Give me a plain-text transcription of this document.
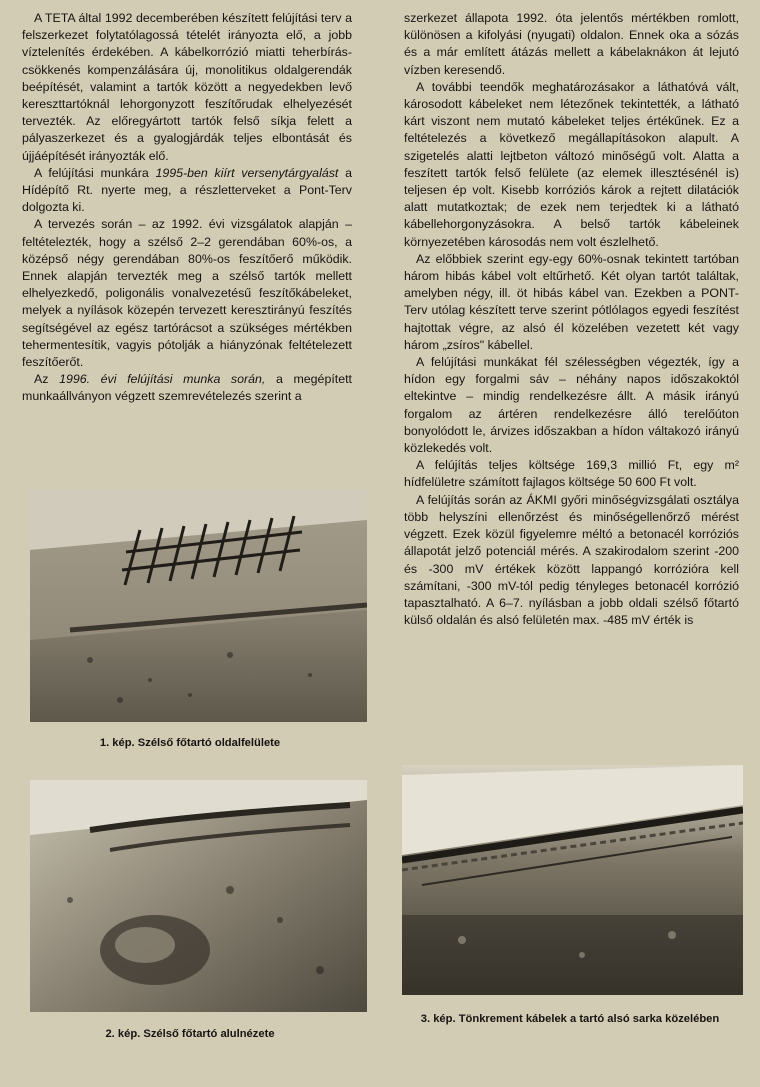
A TETA által 1992 decemberében készített felújítási terv a felszerkezet folytatólagossá tételét irányozta elő, a jobb víztelenítés érdekében. A kábelkorrózió miatti teherbírás-csökkenés kompenzálására új, monolitikus oldalgerendák beépítését, valamint a tartók között a negyedekben levő kereszttartóknál lehorgonyzott feszítőrudak elhelyezését tervezték. Az előregyártott tartók felső síkja felett a pályaszerkezet és a gyalogjárdák teljes elbontását és újjáépítését irányozták elő.

A felújítási munkára 1995-ben kiírt versenytárgyalást a Hídépítő Rt. nyerte meg, a részletterveket a Pont-Terv dolgozta ki.

A tervezés során – az 1992. évi vizsgálatok alapján – feltételezték, hogy a szélső 2–2 gerendában 60%-os, a középső négy gerendában 80%-os feszítőerő működik. Ennek alapján tervezték meg a szélső tartók mellett elhelyezkedő, poligonális vonalvezetésű feszítőkábeleket, melyek a nyílások közepén tervezett keresztirányú feszítés segítségével az egész tartórácsot a szükséges mértékben tehermentesítik, vagyis pótolják a hiányzónak feltételezett feszítőerőt.

Az 1996. évi felújítási munka során, a megépített munkaállványon végzett szemrevételezés szerint a

szerkezet állapota 1992. óta jelentős mértékben romlott, különösen a kifolyási (nyugati) oldalon. Ennek oka a sózás és a már említett átázás mellett a kábelaknákon át lejutó vízben keresendő.

A további teendők meghatározásakor a láthatóvá vált, károsodott kábeleket nem létezőnek tekintették, a látható kárt viszont nem mutató kábeleket teljes értékűnek. Ez a feltételezés a következő megállapításokon alapult. A szigetelés alatti lejtbeton változó minőségű volt. Alatta a feszített tartók felső felülete (az elemek illesztésénél is) teljesen ép volt. Kisebb korróziós károk a rejtett dilatációk alatt mutatkoztak; de ezek nem terjedtek ki a látható kábellehorgonyzásokra. A belső tartók kábeleinek környezetében károsodás nem volt észlelhető.

Az előbbiek szerint egy-egy 60%-osnak tekintett tartóban három hibás kábel volt eltűrhető. Két olyan tartót találtak, amelyben négy, ill. öt hibás kábel van. Ezekben a PONT-Terv utólag készített terve szerint pótlólagos egyedi feszítést hajtottak végre, az alsó él közelében vezetett két vagy három „zsíros" kábellel.

A felújítási munkákat fél szélességben végezték, így a hídon egy forgalmi sáv – néhány napos időszakoktól eltekintve – mindig rendelkezésre állt. A másik irányú forgalom az ártéren rendelkezésre álló terelőúton bonyolódott le, árvizes időszakban a hídon váltakozó irányú közlekedés volt.

A felújítás teljes költsége 169,3 millió Ft, egy m² hídfelületre számított fajlagos költsége 50 600 Ft volt.

A felújítás során az ÁKMI győri minőségvizsgálati osztálya több helyszíni ellenőrzést és minőségellenőrző mérést végzett. Ezek közül figyelemre méltó a betonacél korróziós állapotát jelző potenciál mérés. A szakirodalom szerint -200 és -300 mV értékek között lappangó korrózióra kell számítani, -300 mV-tól pedig tényleges betonacél korrózió tapasztalható. A 6–7. nyílásban a jobb oldali szélső főtartó külső oldalán és alsó felületén max. -485 mV érték is

1. kép. Szélső főtartó oldalfelülete
2. kép. Szélső főtartó alulnézete
3. kép. Tönkrement kábelek a tartó alsó sarka közelében
